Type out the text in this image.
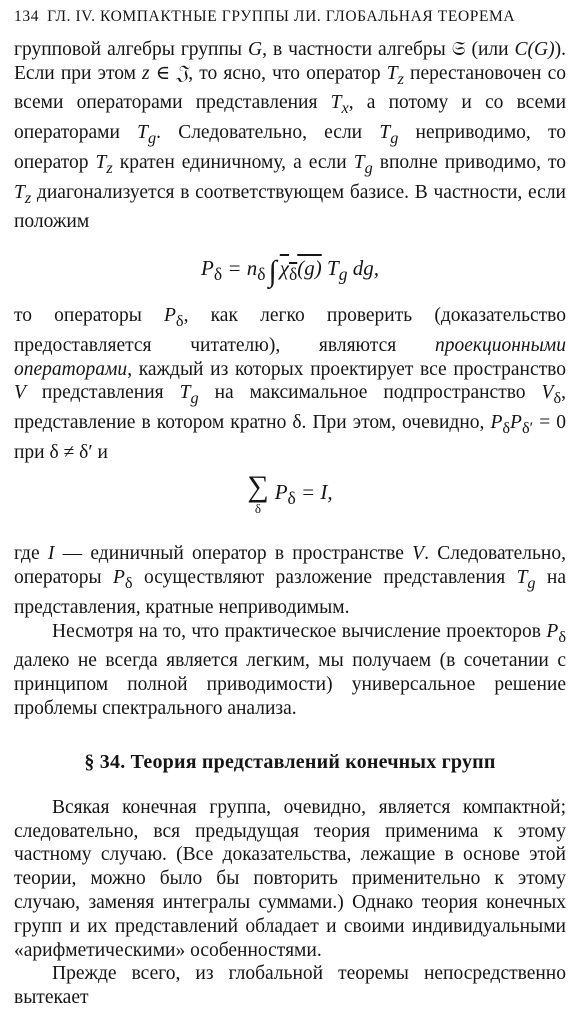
134 ГЛ. IV. КОМПАКТНЫЕ ГРУППЫ ЛИ. ГЛОБАЛЬНАЯ ТЕОРЕМА

групповой алгебры группы G, в частности алгебры 𝔖 (или C(G)). Если при этом z ∈ 𝔍, то ясно, что оператор $T_z$ перестановочен со всеми операторами представления $T_x$, а потому и со всеми операторами $T_g$. Следовательно, если $T_g$ неприводимо, то оператор $T_z$ кратен единичному, а если $T_g$ вполне приводимо, то $T_z$ диагонализуется в соответствующем базисе. В частности, если положим

$P_\delta = n_\delta$ ∫ $\chi_\delta(g)$ $T_g$ dg,

то операторы $P_\delta$, как легко проверить (доказательство предоставляется читателю), являются проекционными операторами, каждый из которых проектирует все пространство V представления $T_g$ на максимальное подпространство $V_\delta$, представление в котором кратно δ. При этом, очевидно, $P_\delta P_{\delta'} = 0$ при δ ≠ δ′ и

∑
δ
$P_\delta = I$,

где I — единичный оператор в пространстве V. Следовательно, операторы $P_\delta$ осуществляют разложение представления $T_g$ на представления, кратные неприводимым.

Несмотря на то, что практическое вычисление проекторов $P_\delta$ далеко не всегда является легким, мы получаем (в сочетании с принципом полной приводимости) универсальное решение проблемы спектрального анализа.

§ 34. Теория представлений конечных групп

Всякая конечная группа, очевидно, является компактной; следовательно, вся предыдущая теория применима к этому частному случаю. (Все доказательства, лежащие в основе этой теории, можно было бы повторить применительно к этому случаю, заменяя интегралы суммами.) Однако теория конечных групп и их представлений обладает и своими индивидуальными «арифметическими» особенностями.

Прежде всего, из глобальной теоремы непосредственно вытекает
